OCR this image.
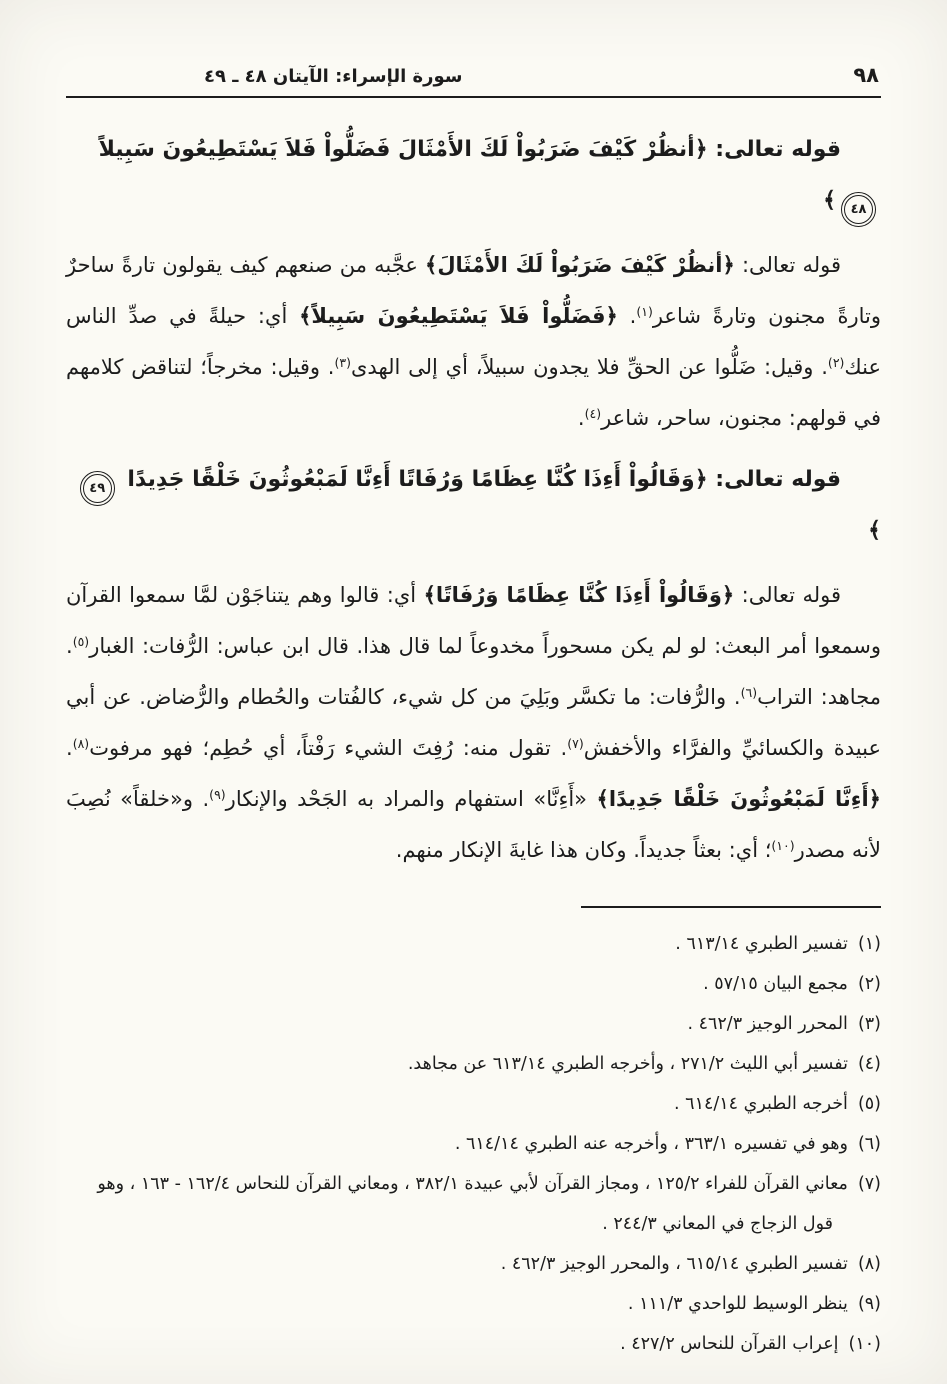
سورة الإسراء: الآيتان ٤٨ ـ ٤٩	٩٨
قوله تعالى: ﴿أنظُرْ كَيْفَ ضَرَبُواْ لَكَ الأَمْثَالَ فَضَلُّواْ فَلاَ يَسْتَطِيعُونَ سَبِيلاً ٤٨﴾
قوله تعالى: ﴿أنظُرْ كَيْفَ ضَرَبُواْ لَكَ الأَمْثَالَ﴾ عجَّبه من صنعهم كيف يقولون تارةً ساحرٌ وتارةً مجنون وتارةً شاعر$^{(١)}$. ﴿فَضَلُّواْ فَلاَ يَسْتَطِيعُونَ سَبِيلاً﴾ أي: حيلةً في صدِّ الناس عنك$^{(٢)}$. وقيل: ضَلُّوا عن الحقِّ فلا يجدون سبيلاً، أي إلى الهدى$^{(٣)}$. وقيل: مخرجاً؛ لتناقض كلامهم في قولهم: مجنون، ساحر، شاعر$^{(٤)}$.
قوله تعالى: ﴿وَقَالُواْ أَءِذَا كُنَّا عِظَامًا وَرُفَاتًا أَءِنَّا لَمَبْعُوثُونَ خَلْقًا جَدِيدًا ٤٩﴾
قوله تعالى: ﴿وَقَالُواْ أَءِذَا كُنَّا عِظَامًا وَرُفَاتًا﴾ أي: قالوا وهم يتناجَوْن لمَّا سمعوا القرآن وسمعوا أمر البعث: لو لم يكن مسحوراً مخدوعاً لما قال هذا. قال ابن عباس: الرُّفات: الغبار$^{(٥)}$. مجاهد: التراب$^{(٦)}$. والرُّفات: ما تكسَّر وبَلِيَ من كل شيء، كالفُتات والحُطام والرُّضاض. عن أبي عبيدة والكسائيِّ والفرَّاء والأخفش$^{(٧)}$. تقول منه: رُفِتَ الشيء رَفْتاً، أي حُطِم؛ فهو مرفوت$^{(٨)}$. ﴿أَءِنَّا لَمَبْعُوثُونَ خَلْقًا جَدِيدًا﴾ «أَءِنَّا» استفهام والمراد به الجَحْد والإنكار$^{(٩)}$. و«خلقاً» نُصِبَ لأنه مصدر$^{(١٠)}$؛ أي: بعثاً جديداً. وكان هذا غايةَ الإنكار منهم.
(١)تفسير الطبري ٦١٣/١٤ .
(٢)مجمع البيان ٥٧/١٥ .
(٣)المحرر الوجيز ٤٦٢/٣ .
(٤)تفسير أبي الليث ٢٧١/٢ ، وأخرجه الطبري ٦١٣/١٤ عن مجاهد.
(٥)أخرجه الطبري ٦١٤/١٤ .
(٦)وهو في تفسيره ٣٦٣/١ ، وأخرجه عنه الطبري ٦١٤/١٤ .
(٧)معاني القرآن للفراء ١٢٥/٢ ، ومجاز القرآن لأبي عبيدة ٣٨٢/١ ، ومعاني القرآن للنحاس ١٦٢/٤ - ١٦٣ ، وهو قول الزجاج في المعاني ٢٤٤/٣ .
(٨)تفسير الطبري ٦١٥/١٤ ، والمحرر الوجيز ٤٦٢/٣ .
(٩)ينظر الوسيط للواحدي ١١١/٣ .
(١٠)إعراب القرآن للنحاس ٤٢٧/٢ .
